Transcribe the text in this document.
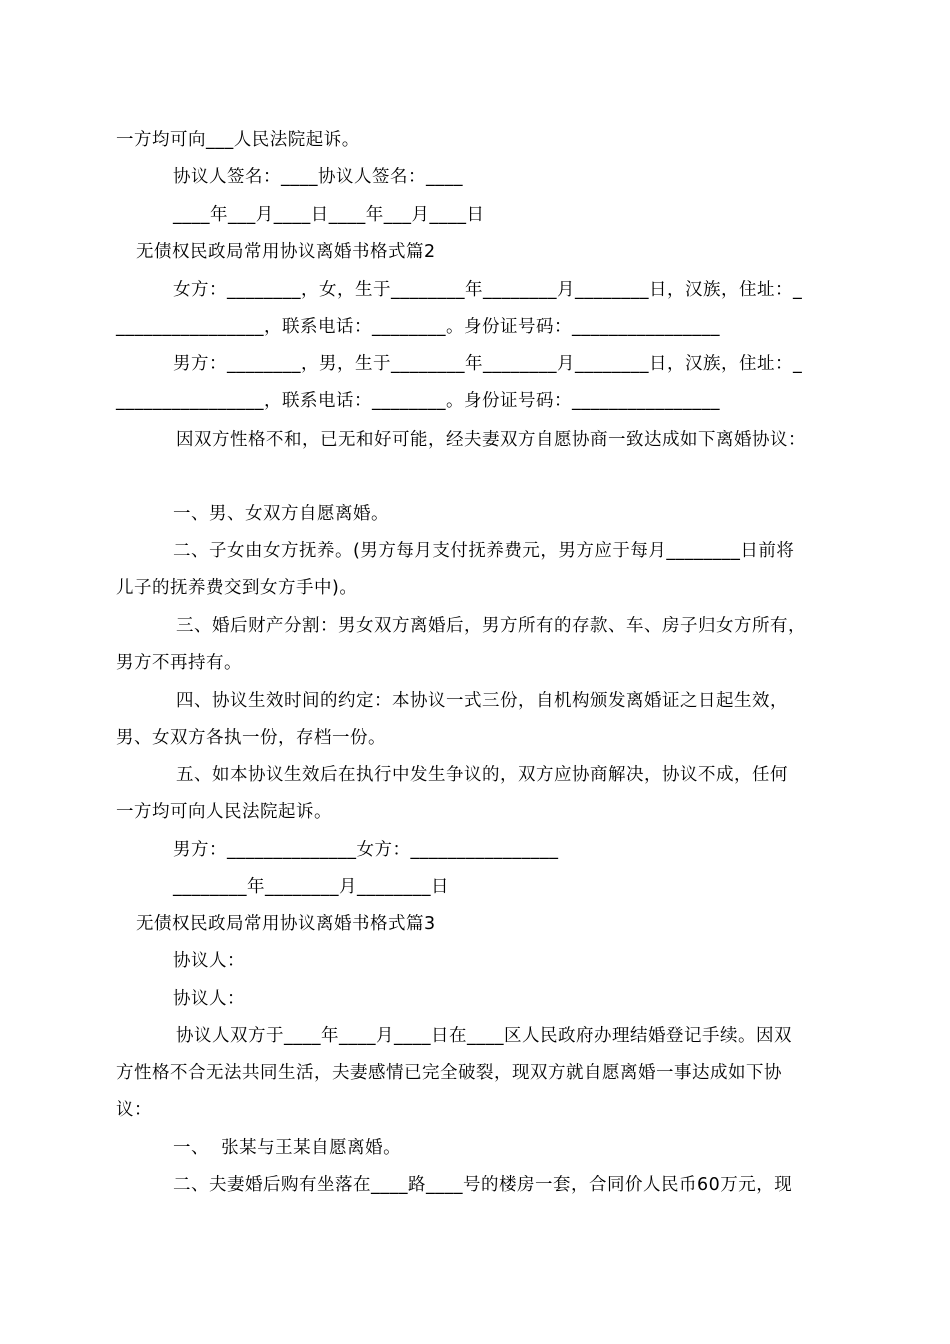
一方均可向___人民法院起诉。
协议人签名：____协议人签名：____
____年___月____日____年___月____日
无债权民政局常用协议离婚书格式篇2
女方：________，女，生于________年________月________日，汉族，住址：_
________________，联系电话：________。身份证号码：________________
男方：________，男，生于________年________月________日，汉族，住址：_
________________，联系电话：________。身份证号码：________________
因双方性格不和，已无和好可能，经夫妻双方自愿协商一致达成如下离婚协议：
一、男、女双方自愿离婚。
二、子女由女方抚养。(男方每月支付抚养费元，男方应于每月________日前将
儿子的抚养费交到女方手中)。
三、婚后财产分割：男女双方离婚后，男方所有的存款、车、房子归女方所有，
男方不再持有。
四、协议生效时间的约定：本协议一式三份，自机构颁发离婚证之日起生效，
男、女双方各执一份，存档一份。
五、如本协议生效后在执行中发生争议的，双方应协商解决，协议不成，任何
一方均可向人民法院起诉。
男方：______________女方：________________
________年________月________日
无债权民政局常用协议离婚书格式篇3
协议人：
协议人：
协议人双方于____年____月____日在____区人民政府办理结婚登记手续。因双
方性格不合无法共同生活，夫妻感情已完全破裂，现双方就自愿离婚一事达成如下协
议：
一、  张某与王某自愿离婚。
二、夫妻婚后购有坐落在____路____号的楼房一套，合同价人民币60万元，现
